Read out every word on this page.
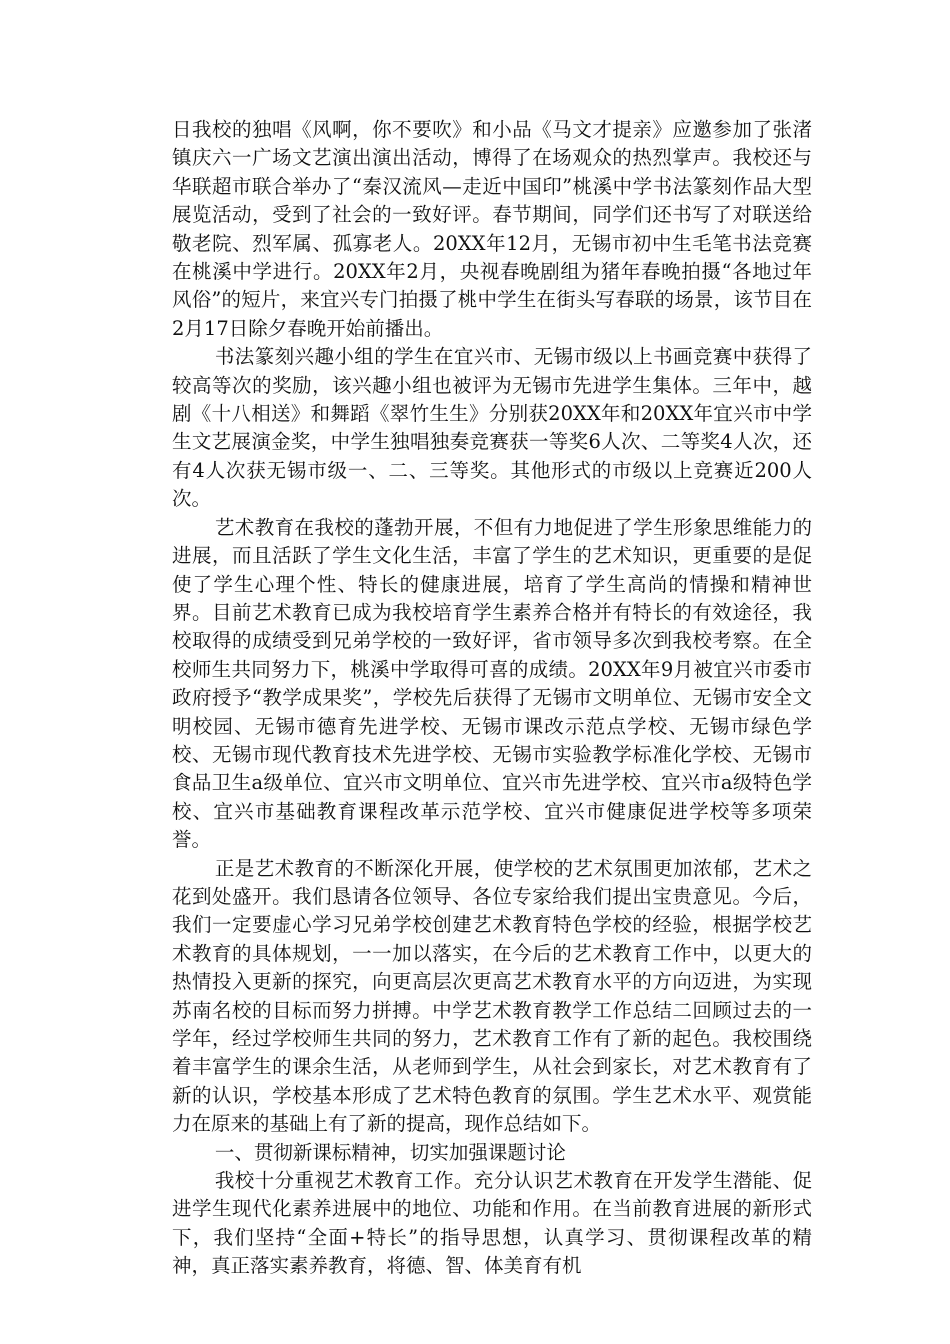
日我校的独唱《风啊，你不要吹》和小品《马文才提亲》应邀参加了张渚镇庆六一广场文艺演出演出活动，博得了在场观众的热烈掌声。我校还与华联超市联合举办了“秦汉流风—走近中国印”桃溪中学书法篆刻作品大型展览活动，受到了社会的一致好评。春节期间，同学们还书写了对联送给敬老院、烈军属、孤寡老人。20XX年12月，无锡市初中生毛笔书法竞赛在桃溪中学进行。20XX年2月，央视春晚剧组为猪年春晚拍摄“各地过年风俗”的短片，来宜兴专门拍摄了桃中学生在街头写春联的场景，该节目在2月17日除夕春晚开始前播出。

书法篆刻兴趣小组的学生在宜兴市、无锡市级以上书画竞赛中获得了较高等次的奖励，该兴趣小组也被评为无锡市先进学生集体。三年中，越剧《十八相送》和舞蹈《翠竹生生》分别获20XX年和20XX年宜兴市中学生文艺展演金奖，中学生独唱独奏竞赛获一等奖6人次、二等奖4人次，还有4人次获无锡市级一、二、三等奖。其他形式的市级以上竞赛近200人次。

艺术教育在我校的蓬勃开展，不但有力地促进了学生形象思维能力的进展，而且活跃了学生文化生活，丰富了学生的艺术知识，更重要的是促使了学生心理个性、特长的健康进展，培育了学生高尚的情操和精神世界。目前艺术教育已成为我校培育学生素养合格并有特长的有效途径，我校取得的成绩受到兄弟学校的一致好评，省市领导多次到我校考察。在全校师生共同努力下，桃溪中学取得可喜的成绩。20XX年9月被宜兴市委市政府授予“教学成果奖”，学校先后获得了无锡市文明单位、无锡市安全文明校园、无锡市德育先进学校、无锡市课改示范点学校、无锡市绿色学校、无锡市现代教育技术先进学校、无锡市实验教学标准化学校、无锡市食品卫生a级单位、宜兴市文明单位、宜兴市先进学校、宜兴市a级特色学校、宜兴市基础教育课程改革示范学校、宜兴市健康促进学校等多项荣誉。

正是艺术教育的不断深化开展，使学校的艺术氛围更加浓郁，艺术之花到处盛开。我们恳请各位领导、各位专家给我们提出宝贵意见。今后，我们一定要虚心学习兄弟学校创建艺术教育特色学校的经验，根据学校艺术教育的具体规划，一一加以落实，在今后的艺术教育工作中，以更大的热情投入更新的探究，向更高层次更高艺术教育水平的方向迈进，为实现苏南名校的目标而努力拼搏。中学艺术教育教学工作总结二回顾过去的一学年，经过学校师生共同的努力，艺术教育工作有了新的起色。我校围绕着丰富学生的课余生活，从老师到学生，从社会到家长，对艺术教育有了新的认识，学校基本形成了艺术特色教育的氛围。学生艺术水平、观赏能力在原来的基础上有了新的提高，现作总结如下。

一、贯彻新课标精神，切实加强课题讨论

我校十分重视艺术教育工作。充分认识艺术教育在开发学生潜能、促进学生现代化素养进展中的地位、功能和作用。在当前教育进展的新形式下，我们坚持“全面+特长”的指导思想，认真学习、贯彻课程改革的精神，真正落实素养教育，将德、智、体美育有机
